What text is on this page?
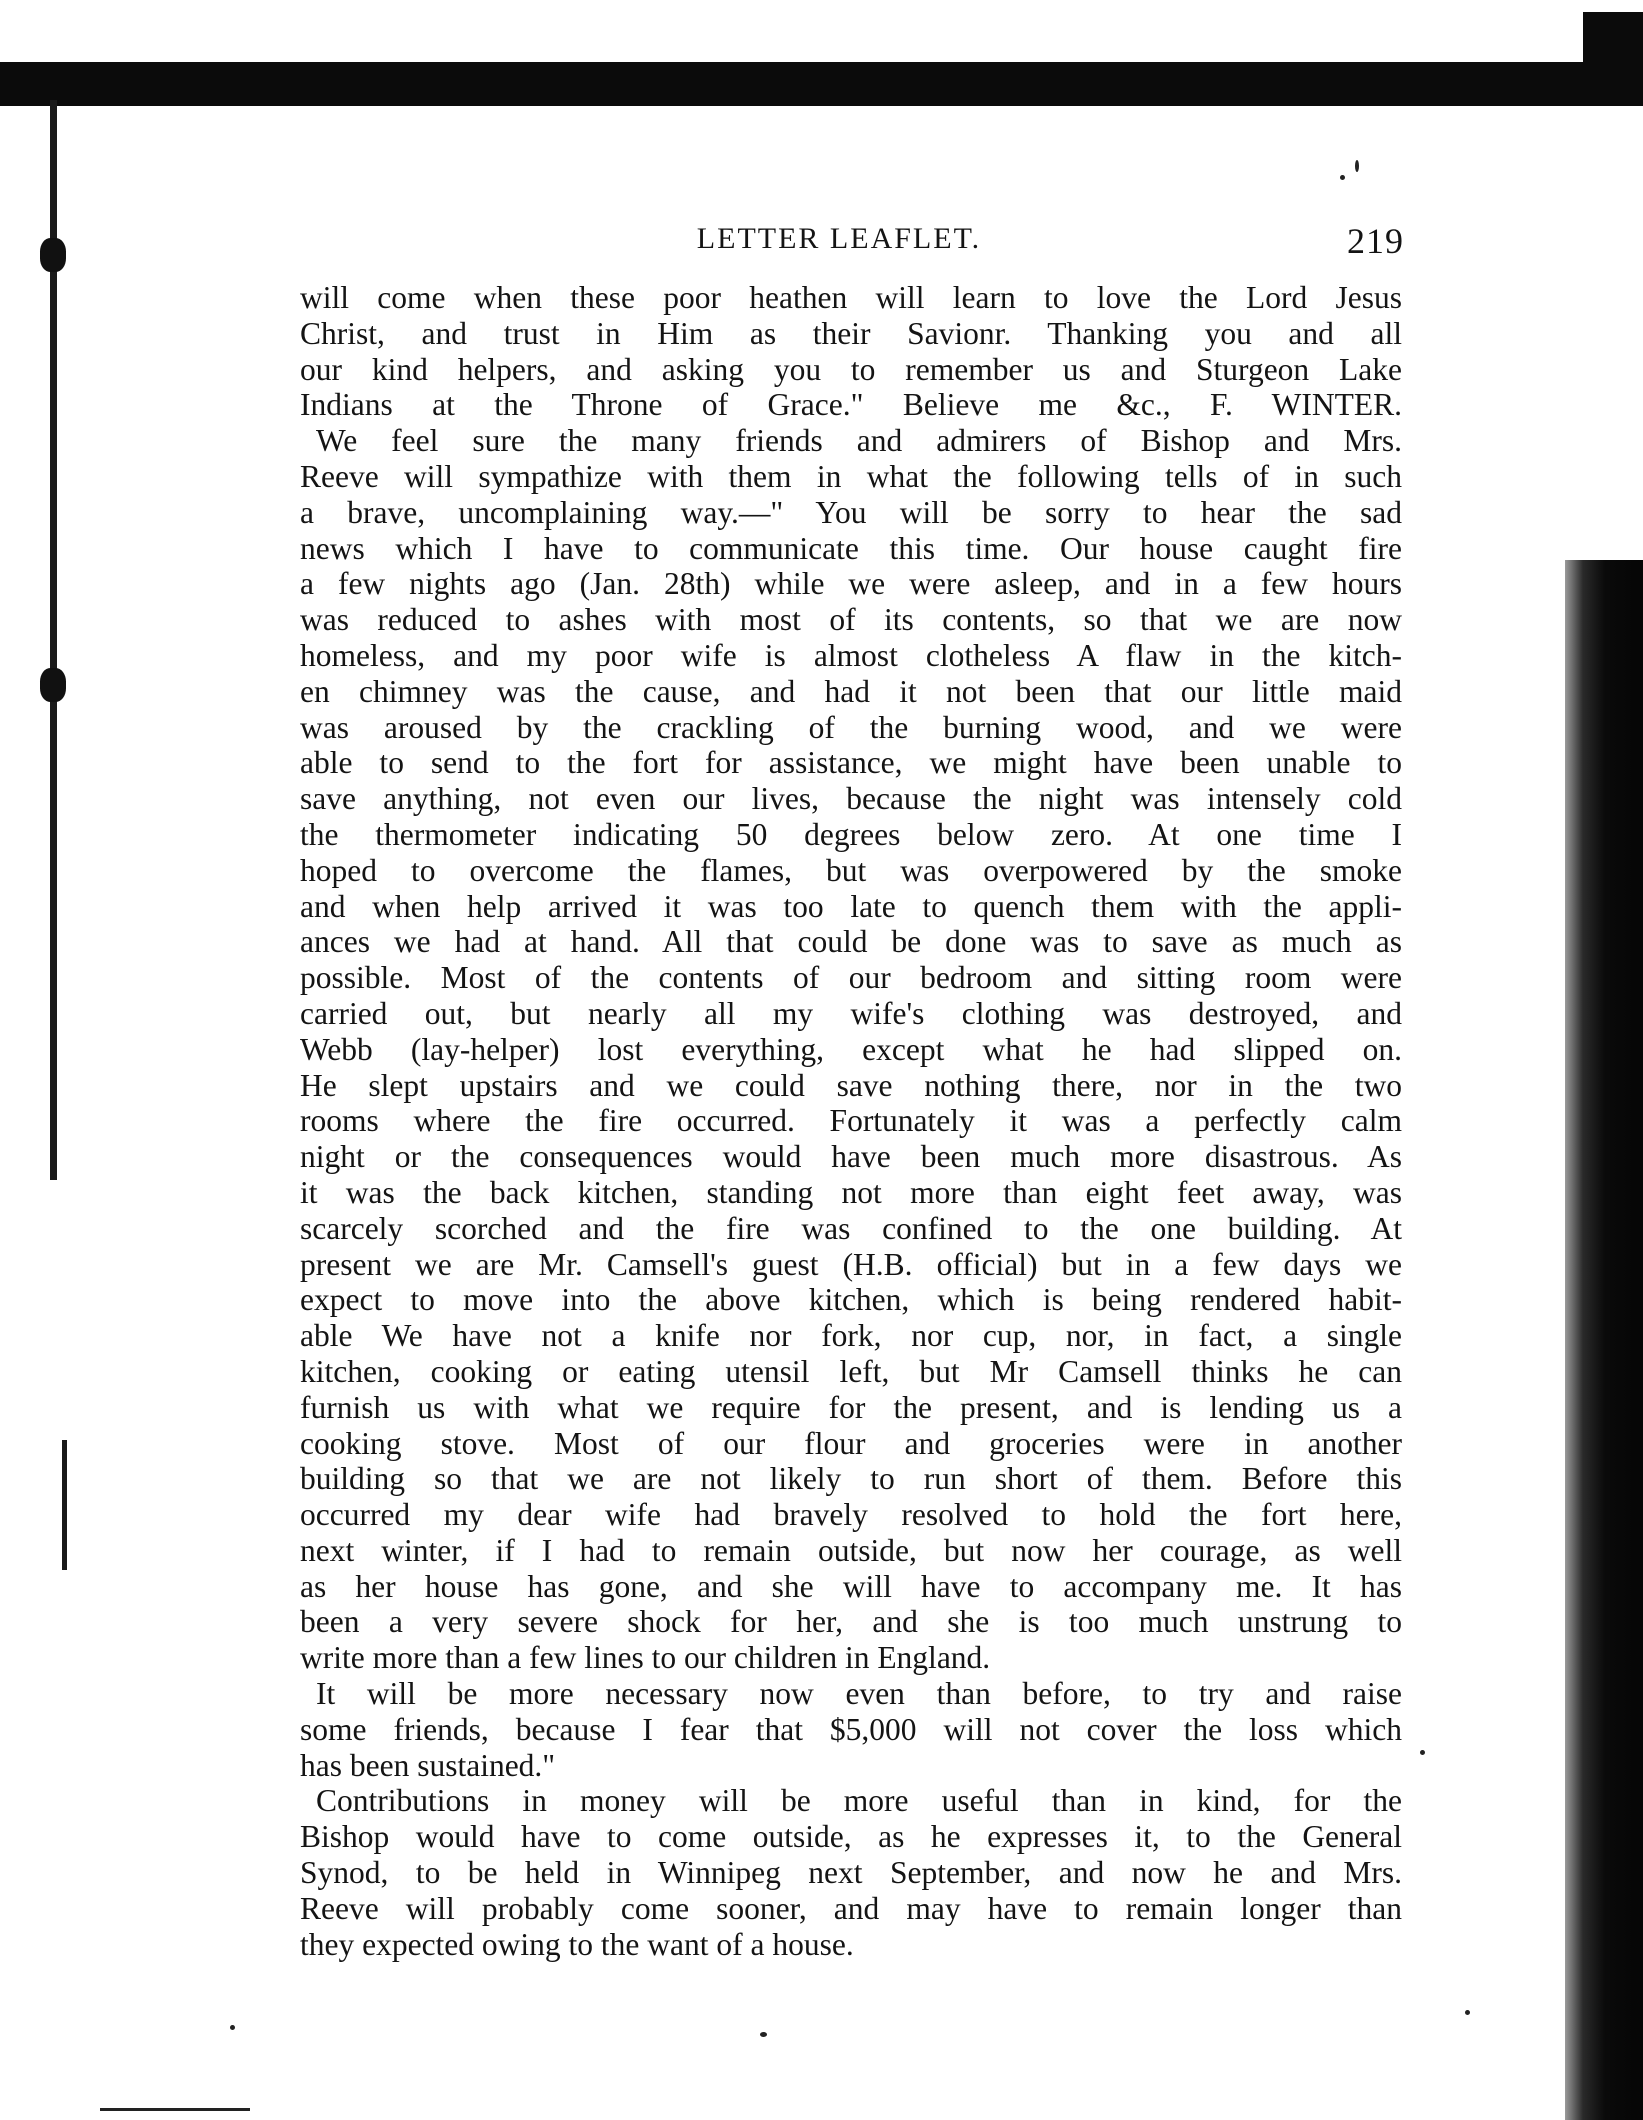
LETTER LEAFLET.	219

will come when these poor heathen will learn to love the Lord Jesus

Christ, and trust in Him as their Savionr. Thanking you and all

our kind helpers, and asking you to remember us and Sturgeon Lake

Indians at the Throne of Grace." Believe me &c., F. WINTER.

We feel sure the many friends and admirers of Bishop and Mrs.

Reeve will sympathize with them in what the following tells of in such

a brave, uncomplaining way.—" You will be sorry to hear the sad

news which I have to communicate this time. Our house caught fire

a few nights ago (Jan. 28th) while we were asleep, and in a few hours

was reduced to ashes with most of its contents, so that we are now

homeless, and my poor wife is almost clotheless A flaw in the kitch-

en chimney was the cause, and had it not been that our little maid

was aroused by the crackling of the burning wood, and we were

able to send to the fort for assistance, we might have been unable to

save anything, not even our lives, because the night was intensely cold

the thermometer indicating 50 degrees below zero. At one time I

hoped to overcome the flames, but was overpowered by the smoke

and when help arrived it was too late to quench them with the appli-

ances we had at hand. All that could be done was to save as much as

possible. Most of the contents of our bedroom and sitting room were

carried out, but nearly all my wife's clothing was destroyed, and

Webb (lay-helper) lost everything, except what he had slipped on.

He slept upstairs and we could save nothing there, nor in the two

rooms where the fire occurred. Fortunately it was a perfectly calm

night or the consequences would have been much more disastrous. As

it was the back kitchen, standing not more than eight feet away, was

scarcely scorched and the fire was confined to the one building. At

present we are Mr. Camsell's guest (H.B. official) but in a few days we

expect to move into the above kitchen, which is being rendered habit-

able We have not a knife nor fork, nor cup, nor, in fact, a single

kitchen, cooking or eating utensil left, but Mr Camsell thinks he can

furnish us with what we require for the present, and is lending us a

cooking stove. Most of our flour and groceries were in another

building so that we are not likely to run short of them. Before this

occurred my dear wife had bravely resolved to hold the fort here,

next winter, if I had to remain outside, but now her courage, as well

as her house has gone, and she will have to accompany me. It has

been a very severe shock for her, and she is too much unstrung to

write more than a few lines to our children in England.

It will be more necessary now even than before, to try and raise

some friends, because I fear that $5,000 will not cover the loss which

has been sustained."

Contributions in money will be more useful than in kind, for the

Bishop would have to come outside, as he expresses it, to the General

Synod, to be held in Winnipeg next September, and now he and Mrs.

Reeve will probably come sooner, and may have to remain longer than

they expected owing to the want of a house.
